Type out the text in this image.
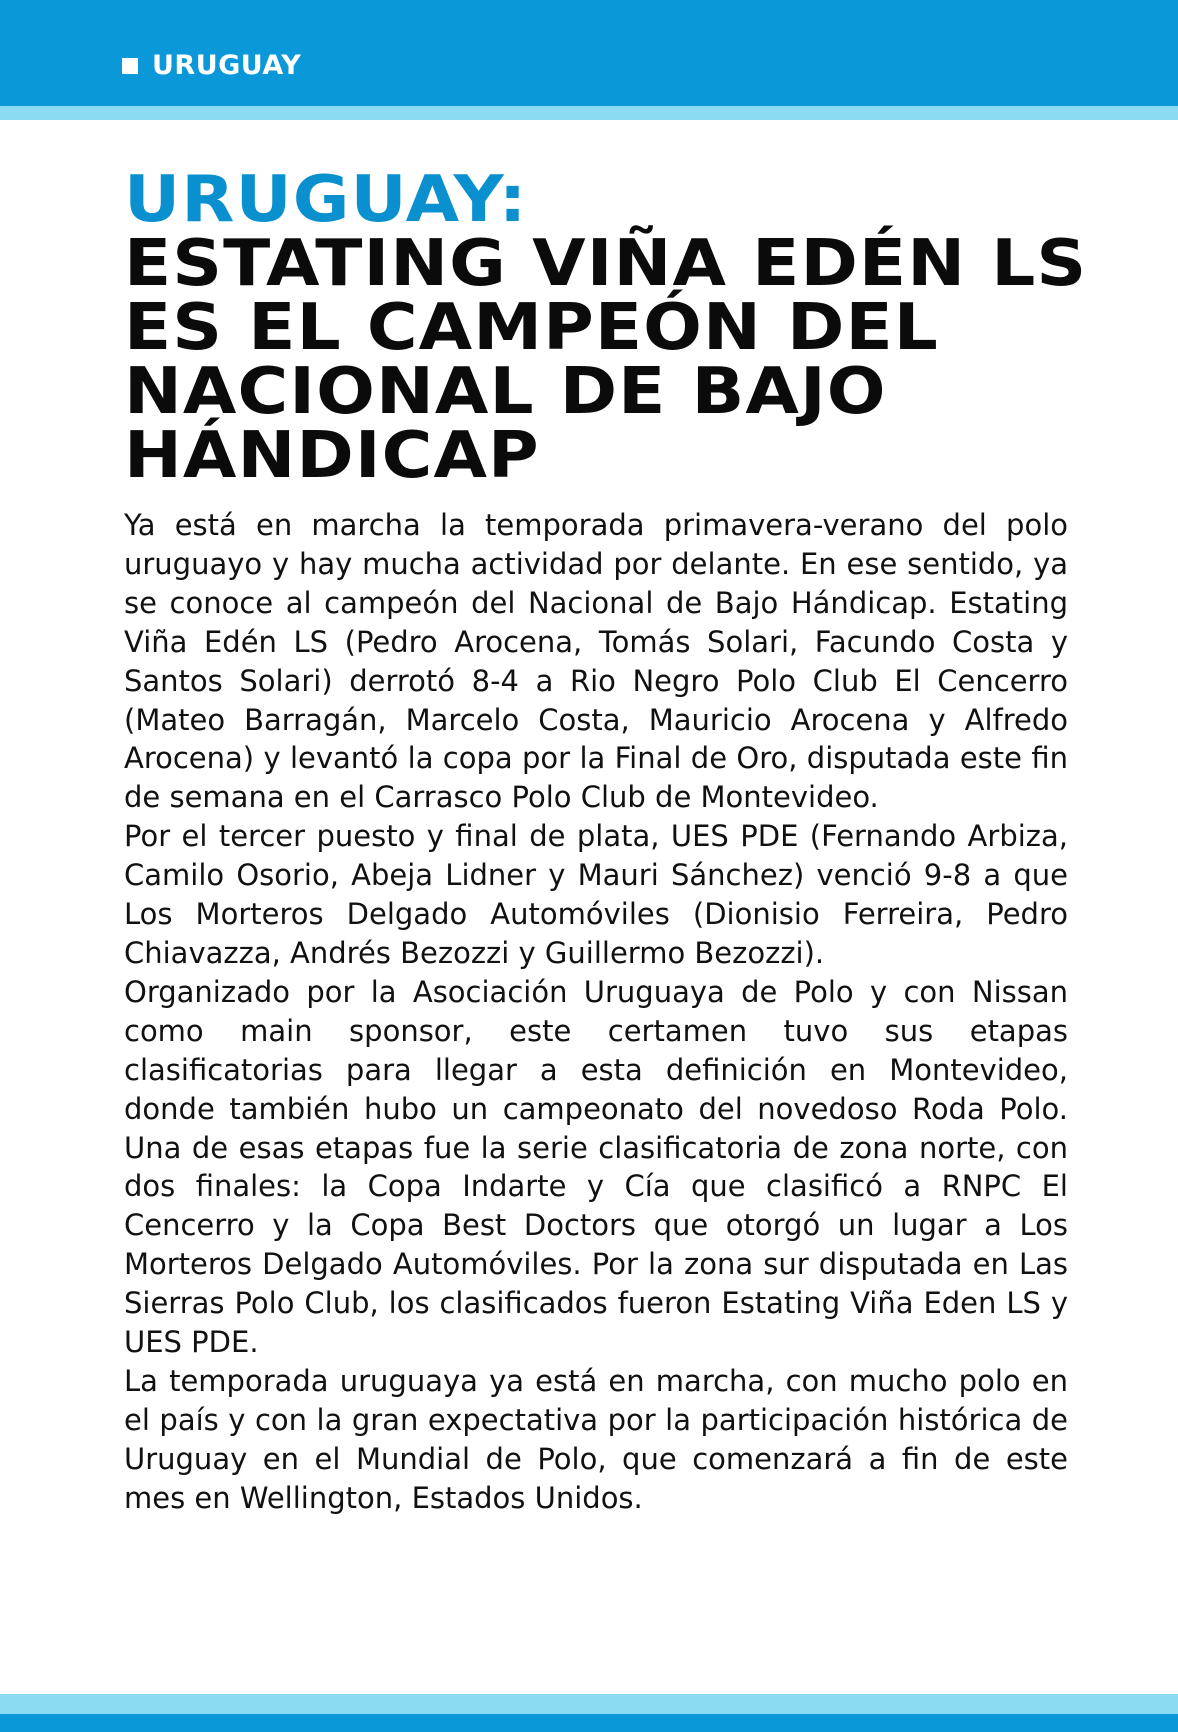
URUGUAY
URUGUAY:
ESTATING VIÑA EDÉN LS
ES EL CAMPEÓN DEL
NACIONAL DE BAJO
HÁNDICAP

Ya está en marcha la temporada primavera-verano del polo uruguayo y hay mucha actividad por delante. En ese sentido, ya se conoce al campeón del Nacional de Bajo Hándicap. Estating Viña Edén LS (Pedro Arocena, Tomás Solari, Facundo Costa y Santos Solari) derrotó 8-4 a Rio Negro Polo Club El Cencerro (Mateo Barragán, Marcelo Costa, Mauricio Arocena y Alfredo Arocena) y levantó la copa por la Final de Oro, disputada este fin de semana en el Carrasco Polo Club de Montevideo.

Por el tercer puesto y final de plata, UES PDE (Fernando Arbiza, Camilo Osorio, Abeja Lidner y Mauri Sánchez) venció 9-8 a que Los Morteros Delgado Automóviles (Dionisio Ferreira, Pedro Chiavazza, Andrés Bezozzi y Guillermo Bezozzi).

Organizado por la Asociación Uruguaya de Polo y con Nissan como main sponsor, este certamen tuvo sus etapas clasificatorias para llegar a esta definición en Montevideo, donde también hubo un campeonato del novedoso Roda Polo. Una de esas etapas fue la serie clasificatoria de zona norte, con dos finales: la Copa Indarte y Cía que clasificó a RNPC El Cencerro y la Copa Best Doctors que otorgó un lugar a Los Morteros Delgado Automóviles. Por la zona sur disputada en Las Sierras Polo Club, los clasificados fueron Estating Viña Eden LS y UES PDE.

La temporada uruguaya ya está en marcha, con mucho polo en el país y con la gran expectativa por la participación histórica de Uruguay en el Mundial de Polo, que comenzará a fin de este mes en Wellington, Estados Unidos.
